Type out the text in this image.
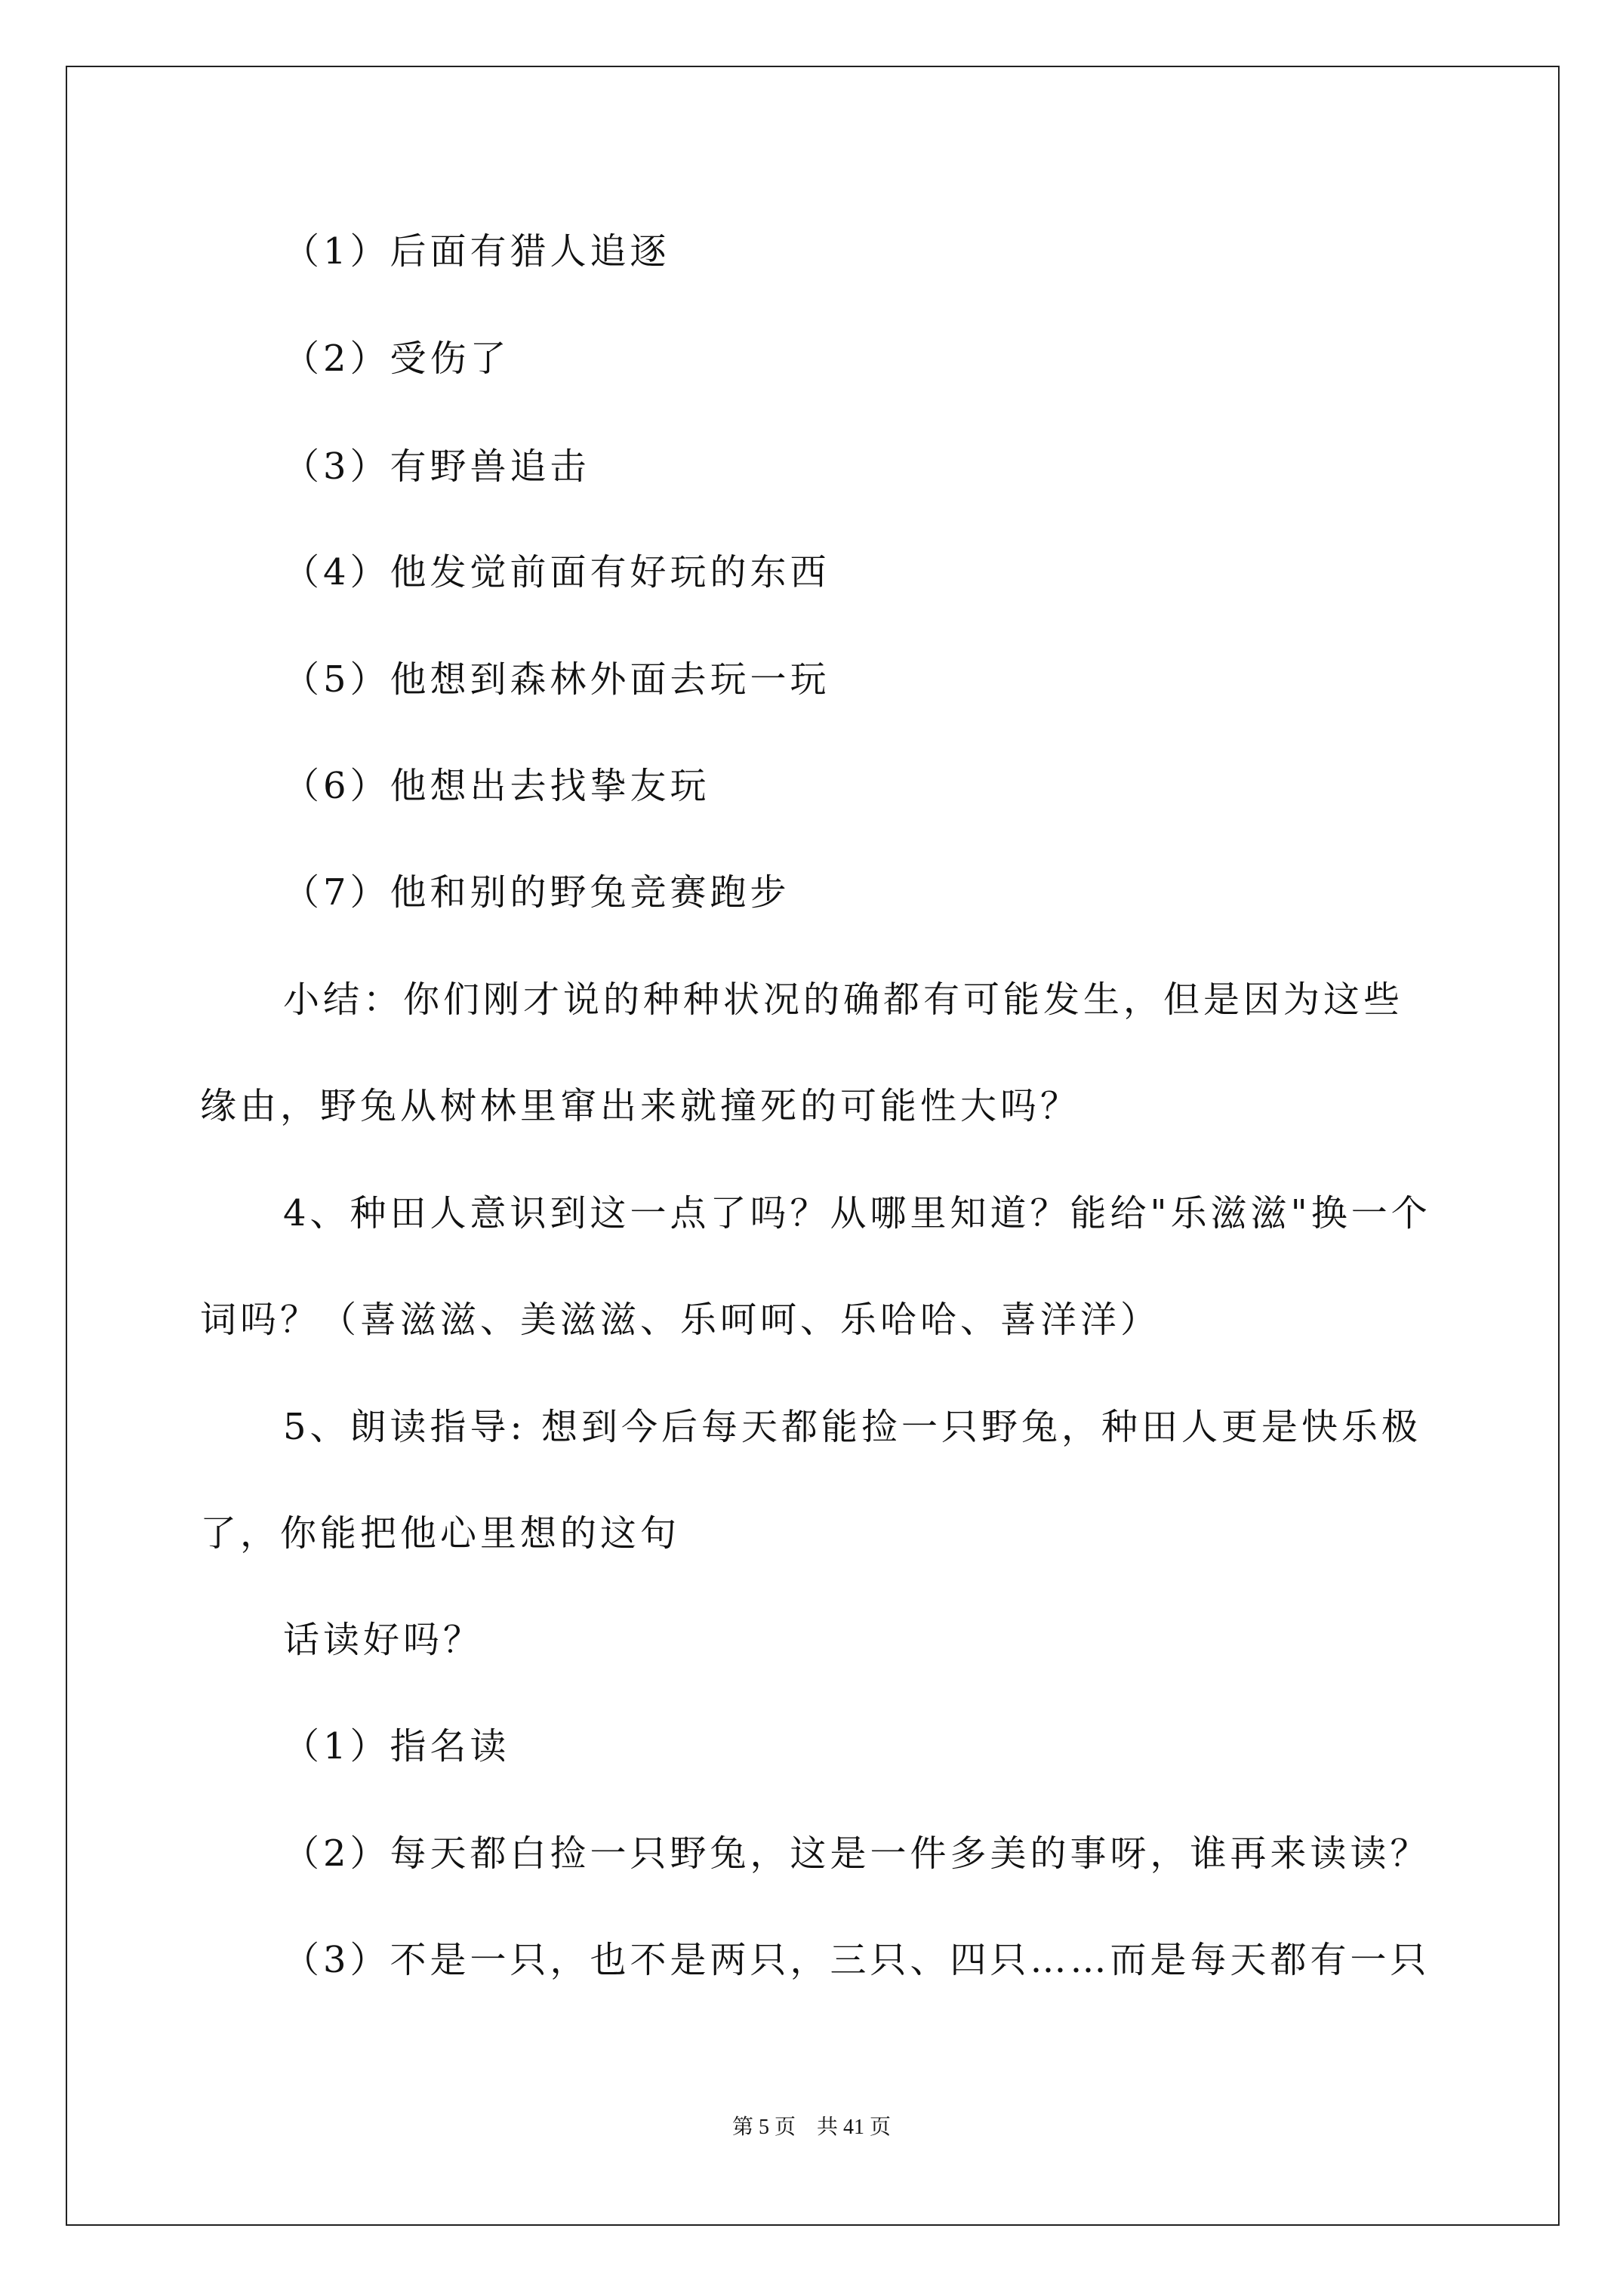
（1）后面有猎人追逐
（2）受伤了
（3）有野兽追击
（4）他发觉前面有好玩的东西
（5）他想到森林外面去玩一玩
（6）他想出去找挚友玩
（7）他和别的野兔竞赛跑步
小结：你们刚才说的种种状况的确都有可能发生，但是因为这些
缘由，野兔从树林里窜出来就撞死的可能性大吗？
4、种田人意识到这一点了吗？从哪里知道？能给"乐滋滋"换一个
词吗？（喜滋滋、美滋滋、乐呵呵、乐哈哈、喜洋洋）
5、朗读指导: 想到今后每天都能捡一只野兔，种田人更是快乐极
了，你能把他心里想的这句
话读好吗？
（1）指名读
（2）每天都白捡一只野兔，这是一件多美的事呀，谁再来读读？
（3）不是一只，也不是两只，三只、四只……而是每天都有一只
第 5 页　共 41 页
